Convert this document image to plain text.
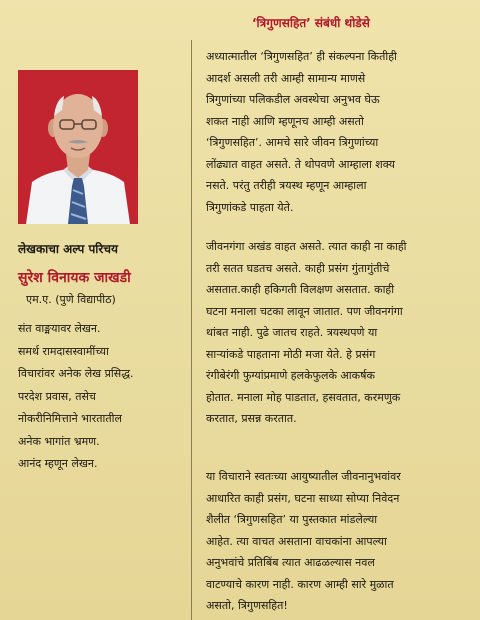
‘त्रिगुणसहित’ संबंधी थोडेसे
लेखकाचा अल्प परिचय
सुरेश विनायक जाखडी
एम.ए. (पुणे विद्यापीठ)
संत वाङ्मयावर लेखन.
समर्थ रामदासस्वामींच्या
विचारांवर अनेक लेख प्रसिद्ध.
परदेश प्रवास, तसेच
नोकरीनिमित्ताने भारतातील
अनेक भागांत भ्रमण.
आनंद म्हणून लेखन.
अध्यात्मातील ‘त्रिगुणसहित’ ही संकल्पना कितीही
आदर्श असली तरी आम्ही सामान्य माणसे
त्रिगुणांच्या पलिकडील अवस्थेचा अनुभव घेऊ
शकत नाही आणि म्हणूनच आम्ही असतो
‘त्रिगुणसहित’. आमचे सारे जीवन त्रिगुणांच्या
लोंढ्यात वाहत असते. ते थोपवणे आम्हाला शक्य
नसते. परंतु तरीही त्रयस्थ म्हणून आम्हाला
त्रिगुणांकडे पाहता येते.
जीवनगंगा अखंड वाहत असते. त्यात काही ना काही
तरी सतत घडतच असते. काही प्रसंग गुंतागुंतीचे
असतात.काही हकिगती विलक्षण असतात. काही
घटना मनाला चटका लावून जातात. पण जीवनगंगा
थांबत नाही. पुढे जातच राहते. त्रयस्थपणे या
साऱ्यांकडे पाहताना मोठी मजा येते. हे प्रसंग
रंगीबेरंगी फुग्यांप्रमाणे हलकेफुलके आकर्षक
होतात. मनाला मोह पाडतात, हसवतात, करमणुक
करतात, प्रसन्न करतात.
या विचाराने स्वतःच्या आयुष्यातील जीवनानुभवांवर
आधारित काही प्रसंग, घटना साध्या सोप्या निवेदन
शैलीत ‘त्रिगुणसहित’ या पुस्तकात मांडलेल्या
आहेत. त्या वाचत असताना वाचकांना आपल्या
अनुभवांचे प्रतिबिंब त्यात आढळल्यास नवल
वाटण्याचे कारण नाही. कारण आम्ही सारे मुळात
असतो, त्रिगुणसहित!
